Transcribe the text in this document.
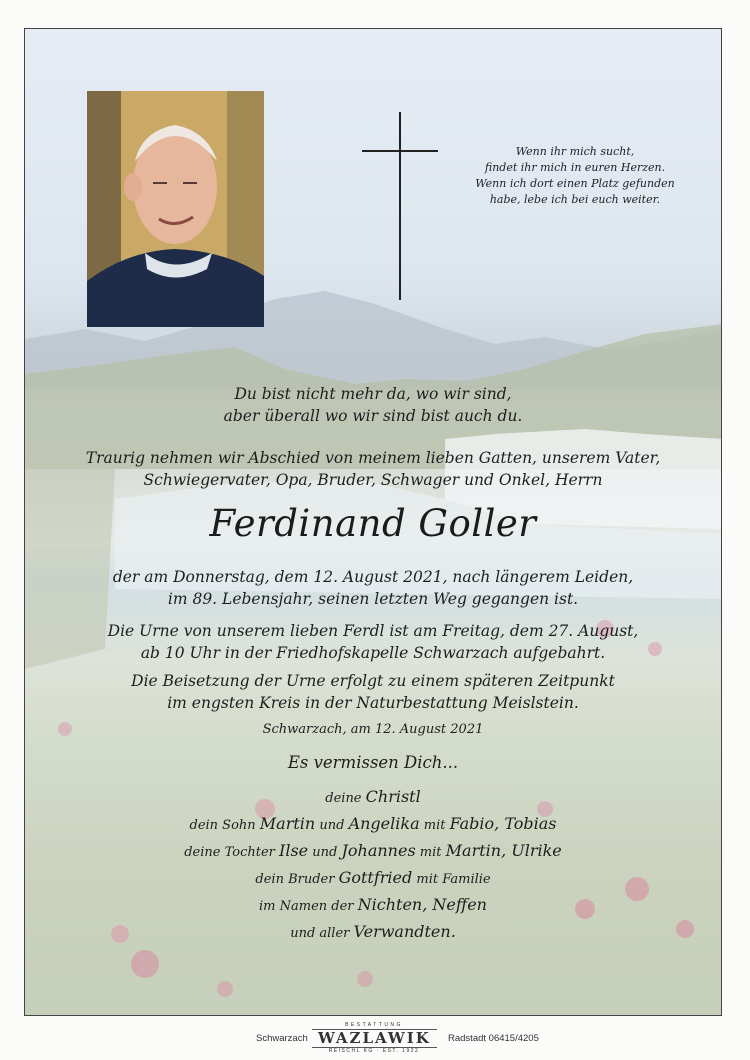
Wenn ihr mich sucht,
findet ihr mich in euren Herzen.
Wenn ich dort einen Platz gefunden
habe, lebe ich bei euch weiter.
Du bist nicht mehr da, wo wir sind,
aber überall wo wir sind bist auch du.
Traurig nehmen wir Abschied von meinem lieben Gatten, unserem Vater,
Schwiegervater, Opa, Bruder, Schwager und Onkel, Herrn
Ferdinand Goller
der am Donnerstag, dem 12. August 2021, nach längerem Leiden,
im 89. Lebensjahr, seinen letzten Weg gegangen ist.
Die Urne von unserem lieben Ferdl ist am Freitag, dem 27. August,
ab 10 Uhr in der Friedhofskapelle Schwarzach aufgebahrt.
Die Beisetzung der Urne erfolgt zu einem späteren Zeitpunkt
im engsten Kreis in der Naturbestattung Meislstein.
Schwarzach, am 12. August 2021
Es vermissen Dich...
deine Christl
dein Sohn Martin und Angelika mit Fabio, Tobias
deine Tochter Ilse und Johannes mit Martin, Ulrike
dein Bruder Gottfried mit Familie
im Namen der Nichten, Neffen
und aller Verwandten.
Schwarzach
BESTATTUNG
WAZLAWIK
REISCHL KG · EST. 1922
Radstadt 06415/4205
